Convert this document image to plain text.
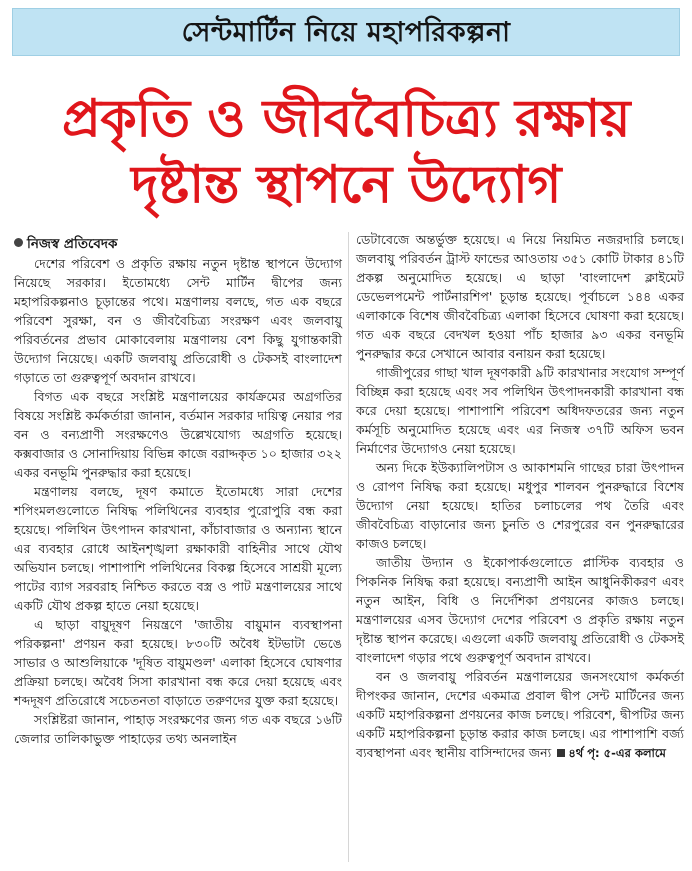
সেন্টমার্টিন নিয়ে মহাপরিকল্পনা
প্রকৃতি ও জীববৈচিত্র্য রক্ষায়
দৃষ্টান্ত স্থাপনে উদ্যোগ

নিজস্ব প্রতিবেদক

দেশের পরিবেশ ও প্রকৃতি রক্ষায় নতুন দৃষ্টান্ত স্থাপনে উদ্যোগ নিয়েছে সরকার। ইতোমধ্যে সেন্ট মার্টিন দ্বীপের জন্য মহাপরিকল্পনাও চূড়ান্তের পথে। মন্ত্রণালয় বলছে, গত এক বছরে পরিবেশ সুরক্ষা, বন ও জীববৈচিত্র্য সংরক্ষণ এবং জলবায়ু পরিবর্তনের প্রভাব মোকাবেলায় মন্ত্রণালয় বেশ কিছু যুগান্তকারী উদ্যোগ নিয়েছে। একটি জলবায়ু প্রতিরোধী ও টেকসই বাংলাদেশ গড়াতে তা গুরুত্বপূর্ণ অবদান রাখবে।

বিগত এক বছরে সংশ্লিষ্ট মন্ত্রণালয়ের কার্যক্রমের অগ্রগতির বিষয়ে সংশ্লিষ্ট কর্মকর্তারা জানান, বর্তমান সরকার দায়িত্ব নেয়ার পর বন ও বন্যপ্রাণী সংরক্ষণেও উল্লেখযোগ্য অগ্রগতি হয়েছে। কক্সবাজার ও সোনাদিয়ায় বিভিন্ন কাজে বরাদ্দকৃত ১০ হাজার ৩২২ একর বনভূমি পুনরুদ্ধার করা হয়েছে।

মন্ত্রণালয় বলছে, দূষণ কমাতে ইতোমধ্যে সারা দেশের শপিংমলগুলোতে নিষিদ্ধ পলিথিনের ব্যবহার পুরোপুরি বন্ধ করা হয়েছে। পলিথিন উৎপাদন কারখানা, কাঁচাবাজার ও অন্যান্য স্থানে এর ব্যবহার রোধে আইনশৃঙ্খলা রক্ষাকারী বাহিনীর সাথে যৌথ অভিযান চলছে। পাশাপাশি পলিথিনের বিকল্প হিসেবে সাশ্রয়ী মূল্যে পাটের ব্যাগ সরবরাহ নিশ্চিত করতে বস্ত্র ও পাট মন্ত্রণালয়ের সাথে একটি যৌথ প্রকল্প হাতে নেয়া হয়েছে।

এ ছাড়া বায়ুদূষণ নিয়ন্ত্রণে 'জাতীয় বায়ুমান ব্যবস্থাপনা পরিকল্পনা' প্রণয়ন করা হয়েছে। ৮৩০টি অবৈধ ইটভাটা ভেঙে সাভার ও আশুলিয়াকে 'দূষিত বায়ুমণ্ডল' এলাকা হিসেবে ঘোষণার প্রক্রিয়া চলছে। অবৈধ সিসা কারখানা বন্ধ করে দেয়া হয়েছে এবং শব্দদূষণ প্রতিরোধে সচেতনতা বাড়াতে তরুণদের যুক্ত করা হয়েছে।

সংশ্লিষ্টরা জানান, পাহাড় সংরক্ষণের জন্য গত এক বছরে ১৬টি জেলার তালিকাভুক্ত পাহাড়ের তথ্য অনলাইন

ডেটাবেজে অন্তর্ভুক্ত হয়েছে। এ নিয়ে নিয়মিত নজরদারি চলছে। জলবায়ু পরিবর্তন ট্রাস্ট ফান্ডের আওতায় ৩৫১ কোটি টাকার ৪১টি প্রকল্প অনুমোদিত হয়েছে। এ ছাড়া 'বাংলাদেশ ক্লাইমেট ডেভেলপমেন্ট পার্টনারশিপ' চূড়ান্ত হয়েছে। পূর্বাচলে ১৪৪ একর এলাকাকে বিশেষ জীববৈচিত্র্য এলাকা হিসেবে ঘোষণা করা হয়েছে। গত এক বছরে বেদখল হওয়া পাঁচ হাজার ৯৩ একর বনভূমি পুনরুদ্ধার করে সেখানে আবার বনায়ন করা হয়েছে।

গাজীপুরের গাছা খাল দূষণকারী ৯টি কারখানার সংযোগ সম্পূর্ণ বিচ্ছিন্ন করা হয়েছে এবং সব পলিথিন উৎপাদনকারী কারখানা বন্ধ করে দেয়া হয়েছে। পাশাপাশি পরিবেশ অধিদফতরের জন্য নতুন কর্মসূচি অনুমোদিত হয়েছে এবং এর নিজস্ব ৩৭টি অফিস ভবন নির্মাণের উদ্যোগও নেয়া হয়েছে।

অন্য দিকে ইউক্যালিপটাস ও আকাশমনি গাছের চারা উৎপাদন ও রোপণ নিষিদ্ধ করা হয়েছে। মধুপুর শালবন পুনরুদ্ধারে বিশেষ উদ্যোগ নেয়া হয়েছে। হাতির চলাচলের পথ তৈরি এবং জীববৈচিত্র্য বাড়ানোর জন্য চুনতি ও শেরপুরের বন পুনরুদ্ধারের কাজও চলছে।

জাতীয় উদ্যান ও ইকোপার্কগুলোতে প্লাস্টিক ব্যবহার ও পিকনিক নিষিদ্ধ করা হয়েছে। বন্যপ্রাণী আইন আধুনিকীকরণ এবং নতুন আইন, বিধি ও নির্দেশিকা প্রণয়নের কাজও চলছে। মন্ত্রণালয়ের এসব উদ্যোগ দেশের পরিবেশ ও প্রকৃতি রক্ষায় নতুন দৃষ্টান্ত স্থাপন করেছে। এগুলো একটি জলবায়ু প্রতিরোধী ও টেকসই বাংলাদেশ গড়ার পথে গুরুত্বপূর্ণ অবদান রাখবে।

বন ও জলবায়ু পরিবর্তন মন্ত্রণালয়ের জনসংযোগ কর্মকর্তা দীপংকর জানান, দেশের একমাত্র প্রবাল দ্বীপ সেন্ট মার্টিনের জন্য একটি মহাপরিকল্পনা প্রণয়নের কাজ চলছে। পরিবেশ, দ্বীপটির জন্য একটি মহাপরিকল্পনা চূড়ান্ত করার কাজ চলছে। এর পাশাপাশি বর্জ্য ব্যবস্থাপনা এবং স্থানীয় বাসিন্দাদের জন্য ৪র্থ পৃ: ৫-এর কলামে
